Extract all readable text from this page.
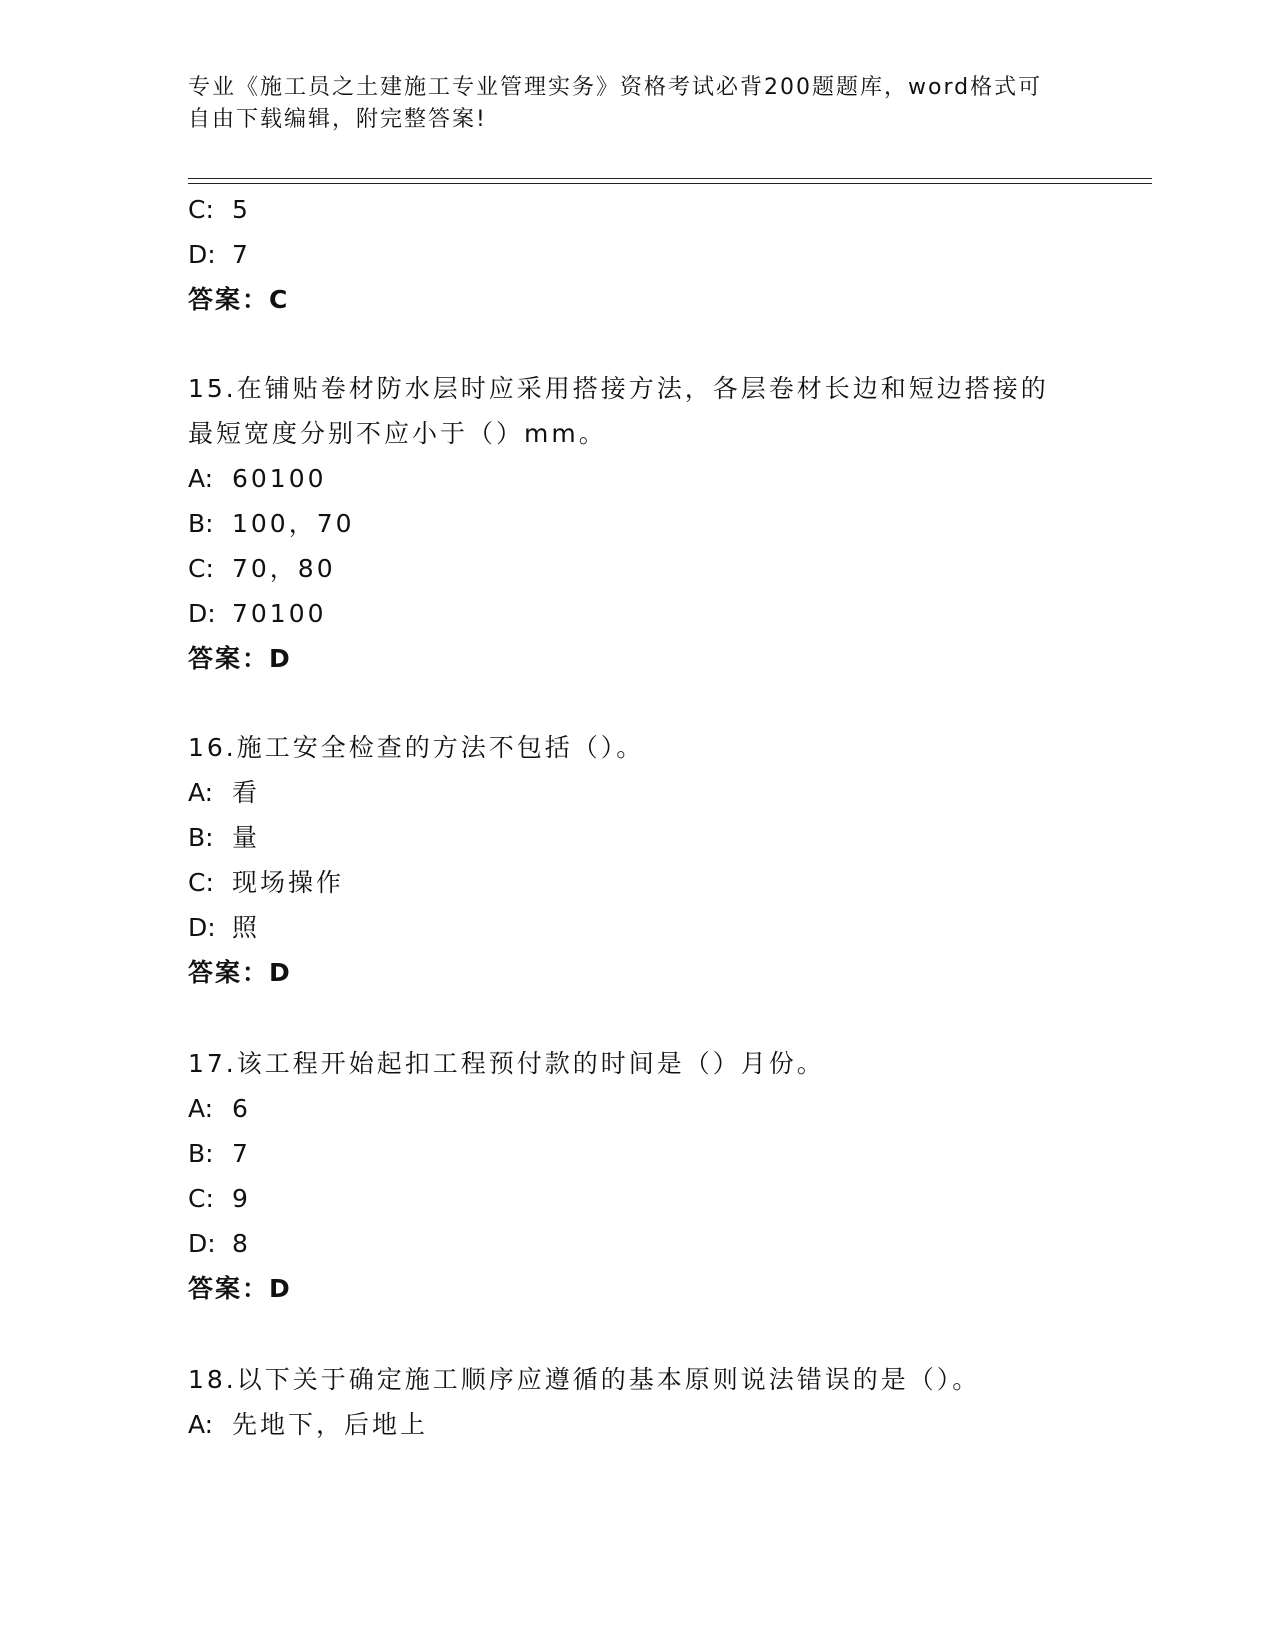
专业《施工员之土建施工专业管理实务》资格考试必背200题题库，word格式可
自由下载编辑，附完整答案!
C: 5
D: 7
答案：C
15.在铺贴卷材防水层时应采用搭接方法，各层卷材长边和短边搭接的
最短宽度分别不应小于（）mm。
A: 60100
B: 100，70
C: 70，80
D: 70100
答案：D
16.施工安全检查的方法不包括（）。
A: 看
B: 量
C: 现场操作
D: 照
答案：D
17.该工程开始起扣工程预付款的时间是（）月份。
A: 6
B: 7
C: 9
D: 8
答案：D
18.以下关于确定施工顺序应遵循的基本原则说法错误的是（）。
A: 先地下，后地上
